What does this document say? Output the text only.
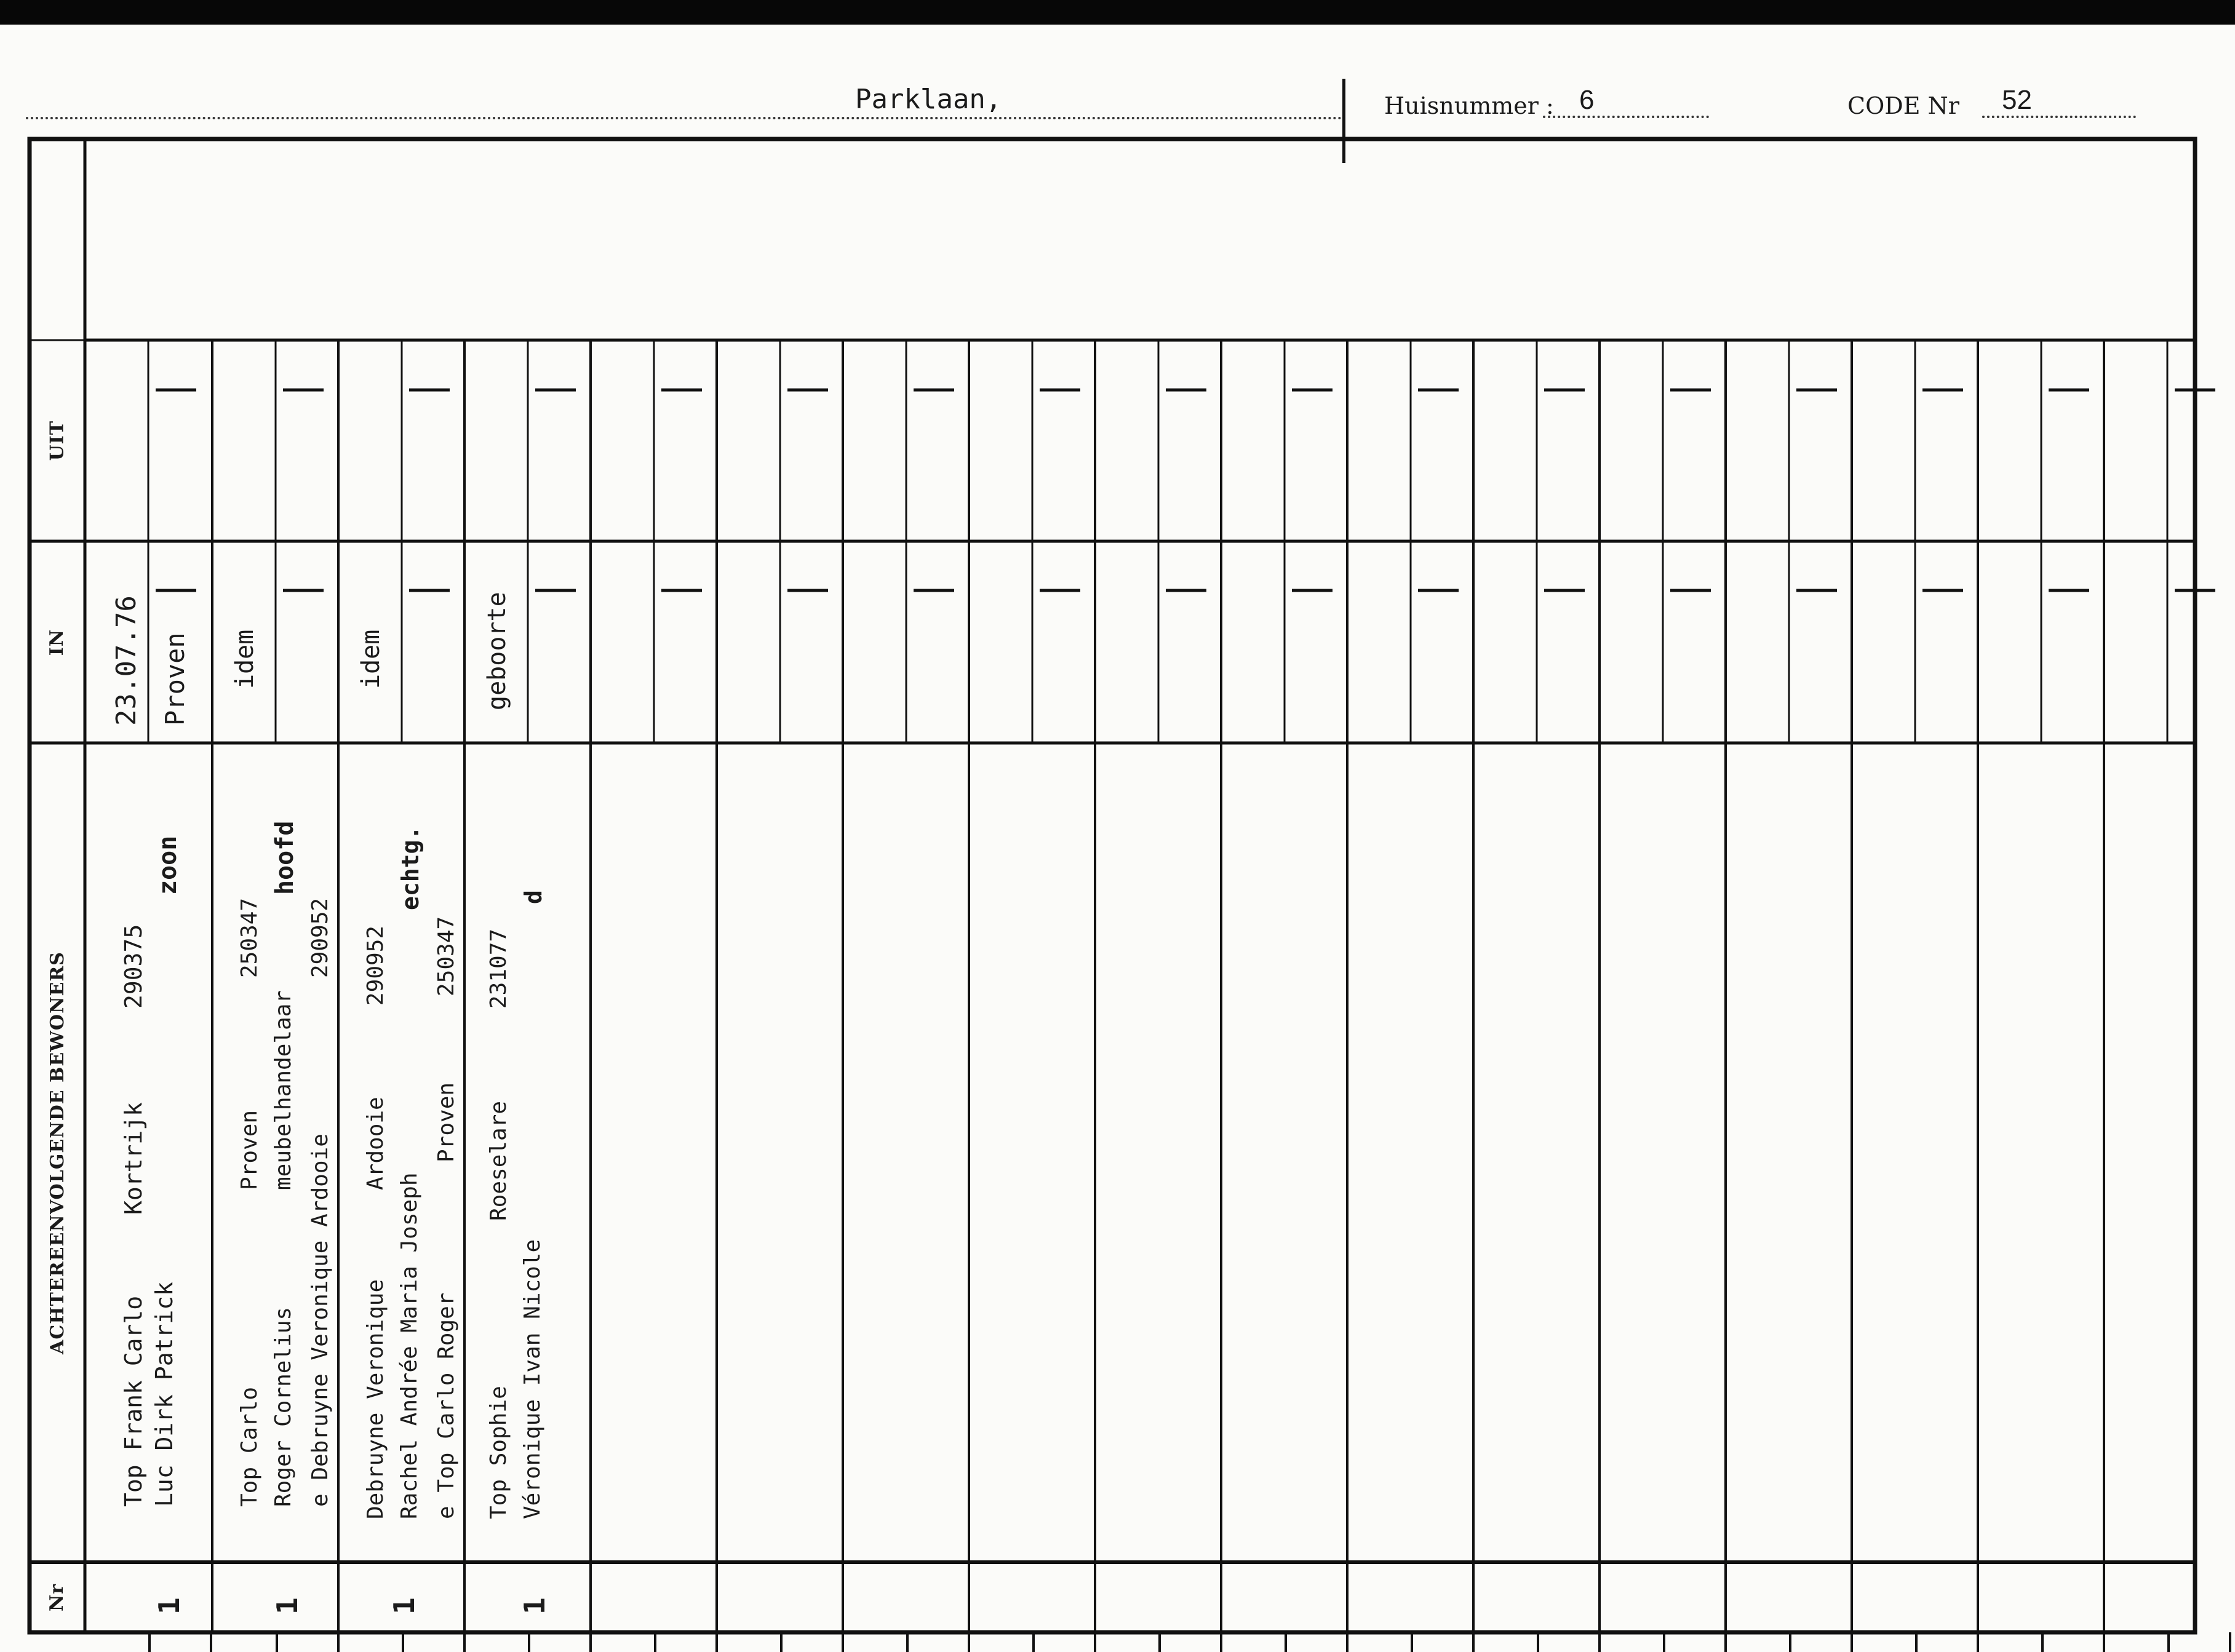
Parklaan,	Huisnummer : 6	CODE Nr 52
UIT
IN
ACHTEREENVOLGENDE BEWONERS
Nr
23.07.76 Proven
Top Frank Carlo Luc Dirk Patrick
Kortrijk
290375
zoon
1
idem
Top Carlo Roger Cornelius e Debruyne Veronique Ardooie
Proven meubelhandelaar
250347
hoofd
290952
1
idem
Debruyne Veronique Rachel Andrée Maria Joseph e Top Carlo Roger
Ardooie
290952
echtg.
Proven
250347
1
geboorte
Top Sophie Véronique Ivan Nicole
Roeselare
231077
d
1
